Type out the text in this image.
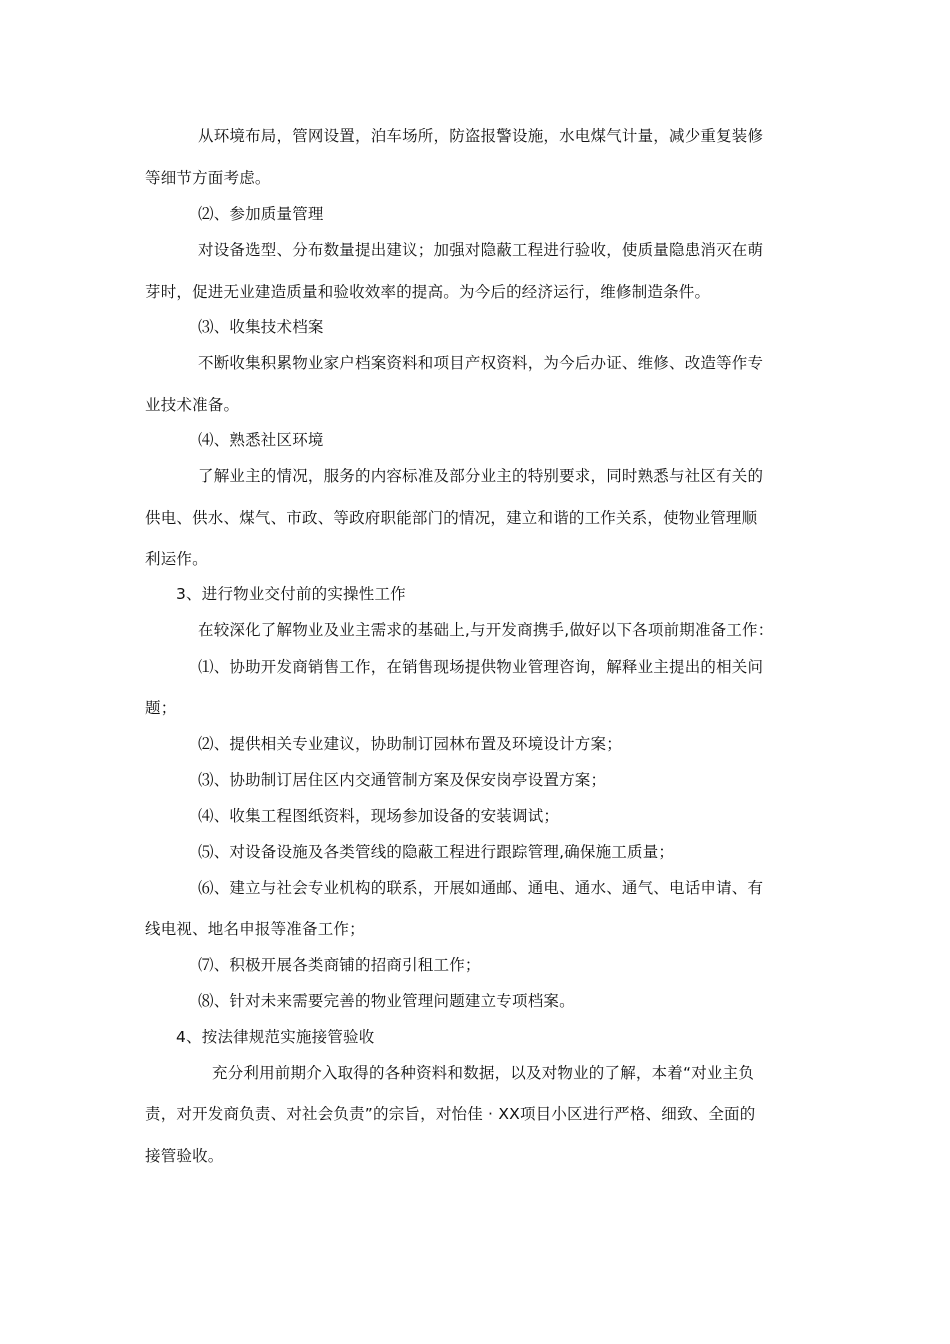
从环境布局，管网设置，泊车场所，防盗报警设施，水电煤气计量，减少重复装修
等细节方面考虑。
⑵、参加质量管理
对设备选型、分布数量提出建议；加强对隐蔽工程进行验收，使质量隐患消灭在萌
芽时，促进无业建造质量和验收效率的提高。为今后的经济运行，维修制造条件。
⑶、收集技术档案
不断收集积累物业家户档案资料和项目产权资料，为今后办证、维修、改造等作专
业技术准备。
⑷、熟悉社区环境
了解业主的情况，服务的内容标准及部分业主的特别要求，同时熟悉与社区有关的
供电、供水、煤气、市政、等政府职能部门的情况，建立和谐的工作关系，使物业管理顺
利运作。
3、进行物业交付前的实操性工作
在较深化了解物业及业主需求的基础上,与开发商携手,做好以下各项前期准备工作：
⑴、协助开发商销售工作，在销售现场提供物业管理咨询，解释业主提出的相关问
题；
⑵、提供相关专业建议，协助制订园林布置及环境设计方案；
⑶、协助制订居住区内交通管制方案及保安岗亭设置方案；
⑷、收集工程图纸资料，现场参加设备的安装调试；
⑸、对设备设施及各类管线的隐蔽工程进行跟踪管理,确保施工质量；
⑹、建立与社会专业机构的联系，开展如通邮、通电、通水、通气、电话申请、有
线电视、地名申报等准备工作；
⑺、积极开展各类商铺的招商引租工作；
⑻、针对未来需要完善的物业管理问题建立专项档案。
4、按法律规范实施接管验收
充分利用前期介入取得的各种资料和数据，以及对物业的了解，本着“对业主负
责，对开发商负责、对社会负责”的宗旨，对怡佳 · XX项目小区进行严格、细致、全面的
接管验收。
